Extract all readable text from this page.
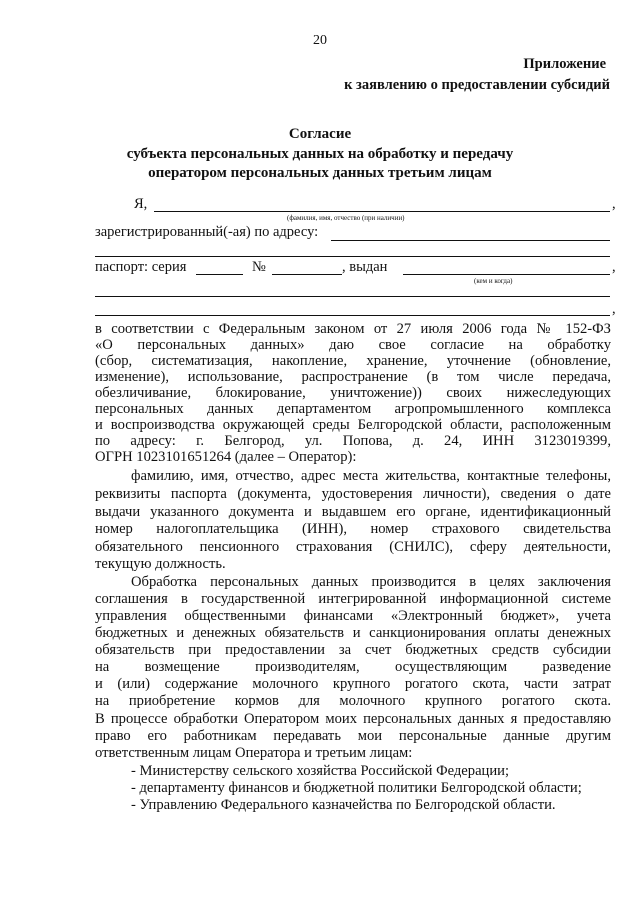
20
Приложение
к заявлению о предоставлении субсидий
Согласие
субъекта персональных данных на обработку и передачу
оператором персональных данных третьим лицам
Я,	,
(фамилия, имя, отчество (при наличии)
зарегистрированный(-ая) по адресу:
паспорт: серия	№	, выдан	,
(кем и когда)
,
в соответствии с Федеральным законом от 27 июля 2006 года № 152-ФЗ
«О персональных данных» даю свое согласие на обработку
(сбор, систематизация, накопление, хранение, уточнение (обновление,
изменение), использование, распространение (в том числе передача,
обезличивание, блокирование, уничтожение)) своих нижеследующих
персональных данных департаментом агропромышленного комплекса
и воспроизводства окружающей среды Белгородской области, расположенным
по адресу: г. Белгород, ул. Попова, д. 24, ИНН 3123019399,
ОГРН 1023101651264 (далее – Оператор):
фамилию, имя, отчество, адрес места жительства, контактные телефоны,
реквизиты паспорта (документа, удостоверения личности), сведения о дате
выдачи указанного документа и выдавшем его органе, идентификационный
номер налогоплательщика (ИНН), номер страхового свидетельства
обязательного пенсионного страхования (СНИЛС), сферу деятельности,
текущую должность.
Обработка персональных данных производится в целях заключения
соглашения в государственной интегрированной информационной системе
управления общественными финансами «Электронный бюджет», учета
бюджетных и денежных обязательств и санкционирования оплаты денежных
обязательств при предоставлении за счет бюджетных средств субсидии
на возмещение производителям, осуществляющим разведение
и (или) содержание молочного крупного рогатого скота, части затрат
на приобретение кормов для молочного крупного рогатого скота.
В процессе обработки Оператором моих персональных данных я предоставляю
право его работникам передавать мои персональные данные другим
ответственным лицам Оператора и третьим лицам:
- Министерству сельского хозяйства Российской Федерации;
- департаменту финансов и бюджетной политики Белгородской области;
- Управлению Федерального казначейства по Белгородской области.
